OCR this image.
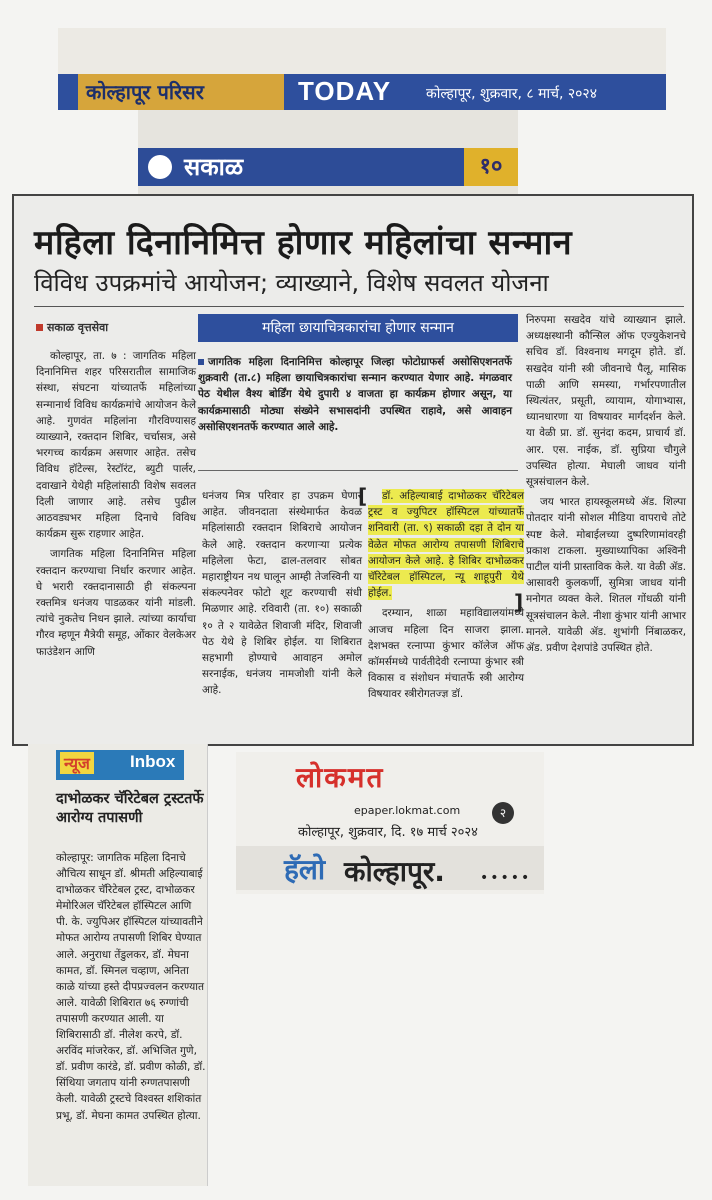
कोल्हापूर परिसर	TODAY कोल्हापूर, शुक्रवार, ८ मार्च, २०२४
सकाळ	१०
महिला दिनानिमित्त होणार महिलांचा सन्मान
विविध उपक्रमांचे आयोजन; व्याख्याने, विशेष सवलत योजना
सकाळ वृत्तसेवा

कोल्हापूर, ता. ७ : जागतिक महिला दिनानिमित्त शहर परिसरातील सामाजिक संस्था, संघटना यांच्यातर्फे महिलांच्या सन्मानार्थ विविध कार्यक्रमांचे आयोजन केले आहे. गुणवंत महिलांना गौरविण्यासह व्याख्याने, रक्तदान शिबिर, चर्चासत्र, असे भरगच्च कार्यक्रम असणार आहेत. तसेच विविध हॉटेल्स, रेस्टॉरंट, ब्युटी पार्लर, दवाखाने येथेही महिलांसाठी विशेष सवलत दिली जाणार आहे. तसेच पुढील आठवड्यभर महिला दिनाचे विविध कार्यक्रम सुरू राहणार आहेत.

जागतिक महिला दिनानिमित्त महिला रक्तदान करण्याचा निर्धार करणार आहेत. घे भरारी रक्तदानासाठी ही संकल्पना रक्तमित्र धनंजय पाडळकर यांनी मांडली. त्यांचे नुकतेच निधन झाले. त्यांच्या कार्याचा गौरव म्हणून मैत्रेयी समूह, ओंकार वेलकेअर फाउंडेशन आणि

महिला छायाचित्रकारांचा होणार सन्मान
जागतिक महिला दिनानिमित्त कोल्हापूर जिल्हा फोटोग्राफर्स असोसिएशनतर्फे शुक्रवारी (ता.८) महिला छायाचित्रकारांचा सन्मान करण्यात येणार आहे. मंगळवार पेठ येथील वैश्य बोर्डिंग येथे दुपारी ४ वाजता हा कार्यक्रम होणार असून, या कार्यक्रमासाठी मोठ्या संख्येने सभासदांनी उपस्थित राहावे, असे आवाहन असोसिएशनतर्फे करण्यात आले आहे.

धनंजय मित्र परिवार हा उपक्रम घेणार आहेत. जीवनदाता संस्थेमार्फत केवळ महिलांसाठी रक्तदान शिबिराचे आयोजन केले आहे. रक्तदान करणाऱ्या प्रत्येक महिलेला फेटा, ढाल-तलवार सोबत महाराष्ट्रीयन नथ घालून आम्ही तेजस्विनी या संकल्पनेवर फोटो शूट करण्याची संधी मिळणार आहे. रविवारी (ता. १०) सकाळी १० ते २ यावेळेत शिवाजी मंदिर, शिवाजी पेठ येथे हे शिबिर होईल. या शिबिरात सहभागी होण्याचे आवाहन अमोल सरनाईक, धनंजय नामजोशी यांनी केले आहे.

डॉ. अहिल्याबाई दाभोळकर चॅरिटेबल ट्रस्ट व ज्युपिटर हॉस्पिटल यांच्यातर्फे शनिवारी (ता. ९) सकाळी दहा ते दोन या वेळेत मोफत आरोग्य तपासणी शिबिराचे आयोजन केले आहे. हे शिबिर दाभोळकर चॅरिटेबल हॉस्पिटल, न्यू शाहूपुरी येथे होईल.

दरम्यान, शाळा महाविद्यालयांमध्ये आजच महिला दिन साजरा झाला. देशभक्त रत्नाप्पा कुंभार कॉलेज ऑफ कॉमर्समध्ये पार्वतीदेवी रत्नाप्पा कुंभार स्त्री विकास व संशोधन मंचातर्फे स्त्री आरोग्य विषयावर स्त्रीरोगतज्ज्ञ डॉ.

[
]

निरुपमा सखदेव यांचे व्याख्यान झाले. अध्यक्षस्थानी कौन्सिल ऑफ एज्युकेशनचे सचिव डॉ. विश्वनाथ मगदूम होते. डॉ. सखदेव यांनी स्त्री जीवनाचे पैलू, मासिक पाळी आणि समस्या, गर्भारपणातील स्थित्यंतर, प्रसूती, व्यायाम, योगाभ्यास, ध्यानधारणा या विषयावर मार्गदर्शन केले. या वेळी प्रा. डॉ. सुनंदा कदम, प्राचार्य डॉ. आर. एस. नाईक, डॉ. सुप्रिया चौगुले उपस्थित होत्या. मेघाली जाधव यांनी सूत्रसंचालन केले.

जय भारत हायस्कूलमध्ये ॲड. शिल्पा पोतदार यांनी सोशल मीडिया वापराचे तोटे स्पष्ट केले. मोबाईलच्या दुष्परिणामांवरही प्रकाश टाकला. मुख्याध्यापिका अश्विनी पाटील यांनी प्रास्ताविक केले. या वेळी ॲड. आसावरी कुलकर्णी, सुमित्रा जाधव यांनी मनोगत व्यक्त केले. शितल गोंधळी यांनी सूत्रसंचालन केले. नीशा कुंभार यांनी आभार मानले. यावेळी ॲड. शुभांगी निंबाळकर, ॲड. प्रवीण देशपांडे उपस्थित होते.

न्यूज Inbox
दाभोळकर चॅरिटेबल ट्रस्टतर्फे आरोग्य तपासणी
कोल्हापूर: जागतिक महिला दिनाचे औचित्य साधून डॉ. श्रीमती अहिल्याबाई दाभोळकर चॅरिटेबल ट्रस्ट, दाभोळकर मेमोरिअल चॅरिटेबल हॉस्पिटल आणि पी. के. ज्युपिअर हॉस्पिटल यांच्यावतीने मोफत आरोग्य तपासणी शिबिर घेण्यात आले. अनुराधा तेंडुलकर, डॉ. मेघना कामत, डॉ. स्मिनल चव्हाण, अनिता काळे यांच्या हस्ते दीपप्रज्वलन करण्यात आले. यावेळी शिबिरात ७६ रुग्णांची तपासणी करण्यात आली. या शिबिरासाठी डॉ. नीलेश करपे, डॉ. अरविंद मांजरेकर, डॉ. अभिजित गुणे, डॉ. प्रवीण कारंडे, डॉ. प्रवीण कोळी, डॉ. सिंथिया जगताप यांनी रुग्णतपासणी केली. यावेळी ट्रस्टचे विश्वस्त शशिकांत प्रभू, डॉ. मेघना कामत उपस्थित होत्या.
लोकमत
epaper.lokmat.com	२
कोल्हापूर, शुक्रवार, दि. १७ मार्च २०२४
हॅलो कोल्हापूर.	•••••
